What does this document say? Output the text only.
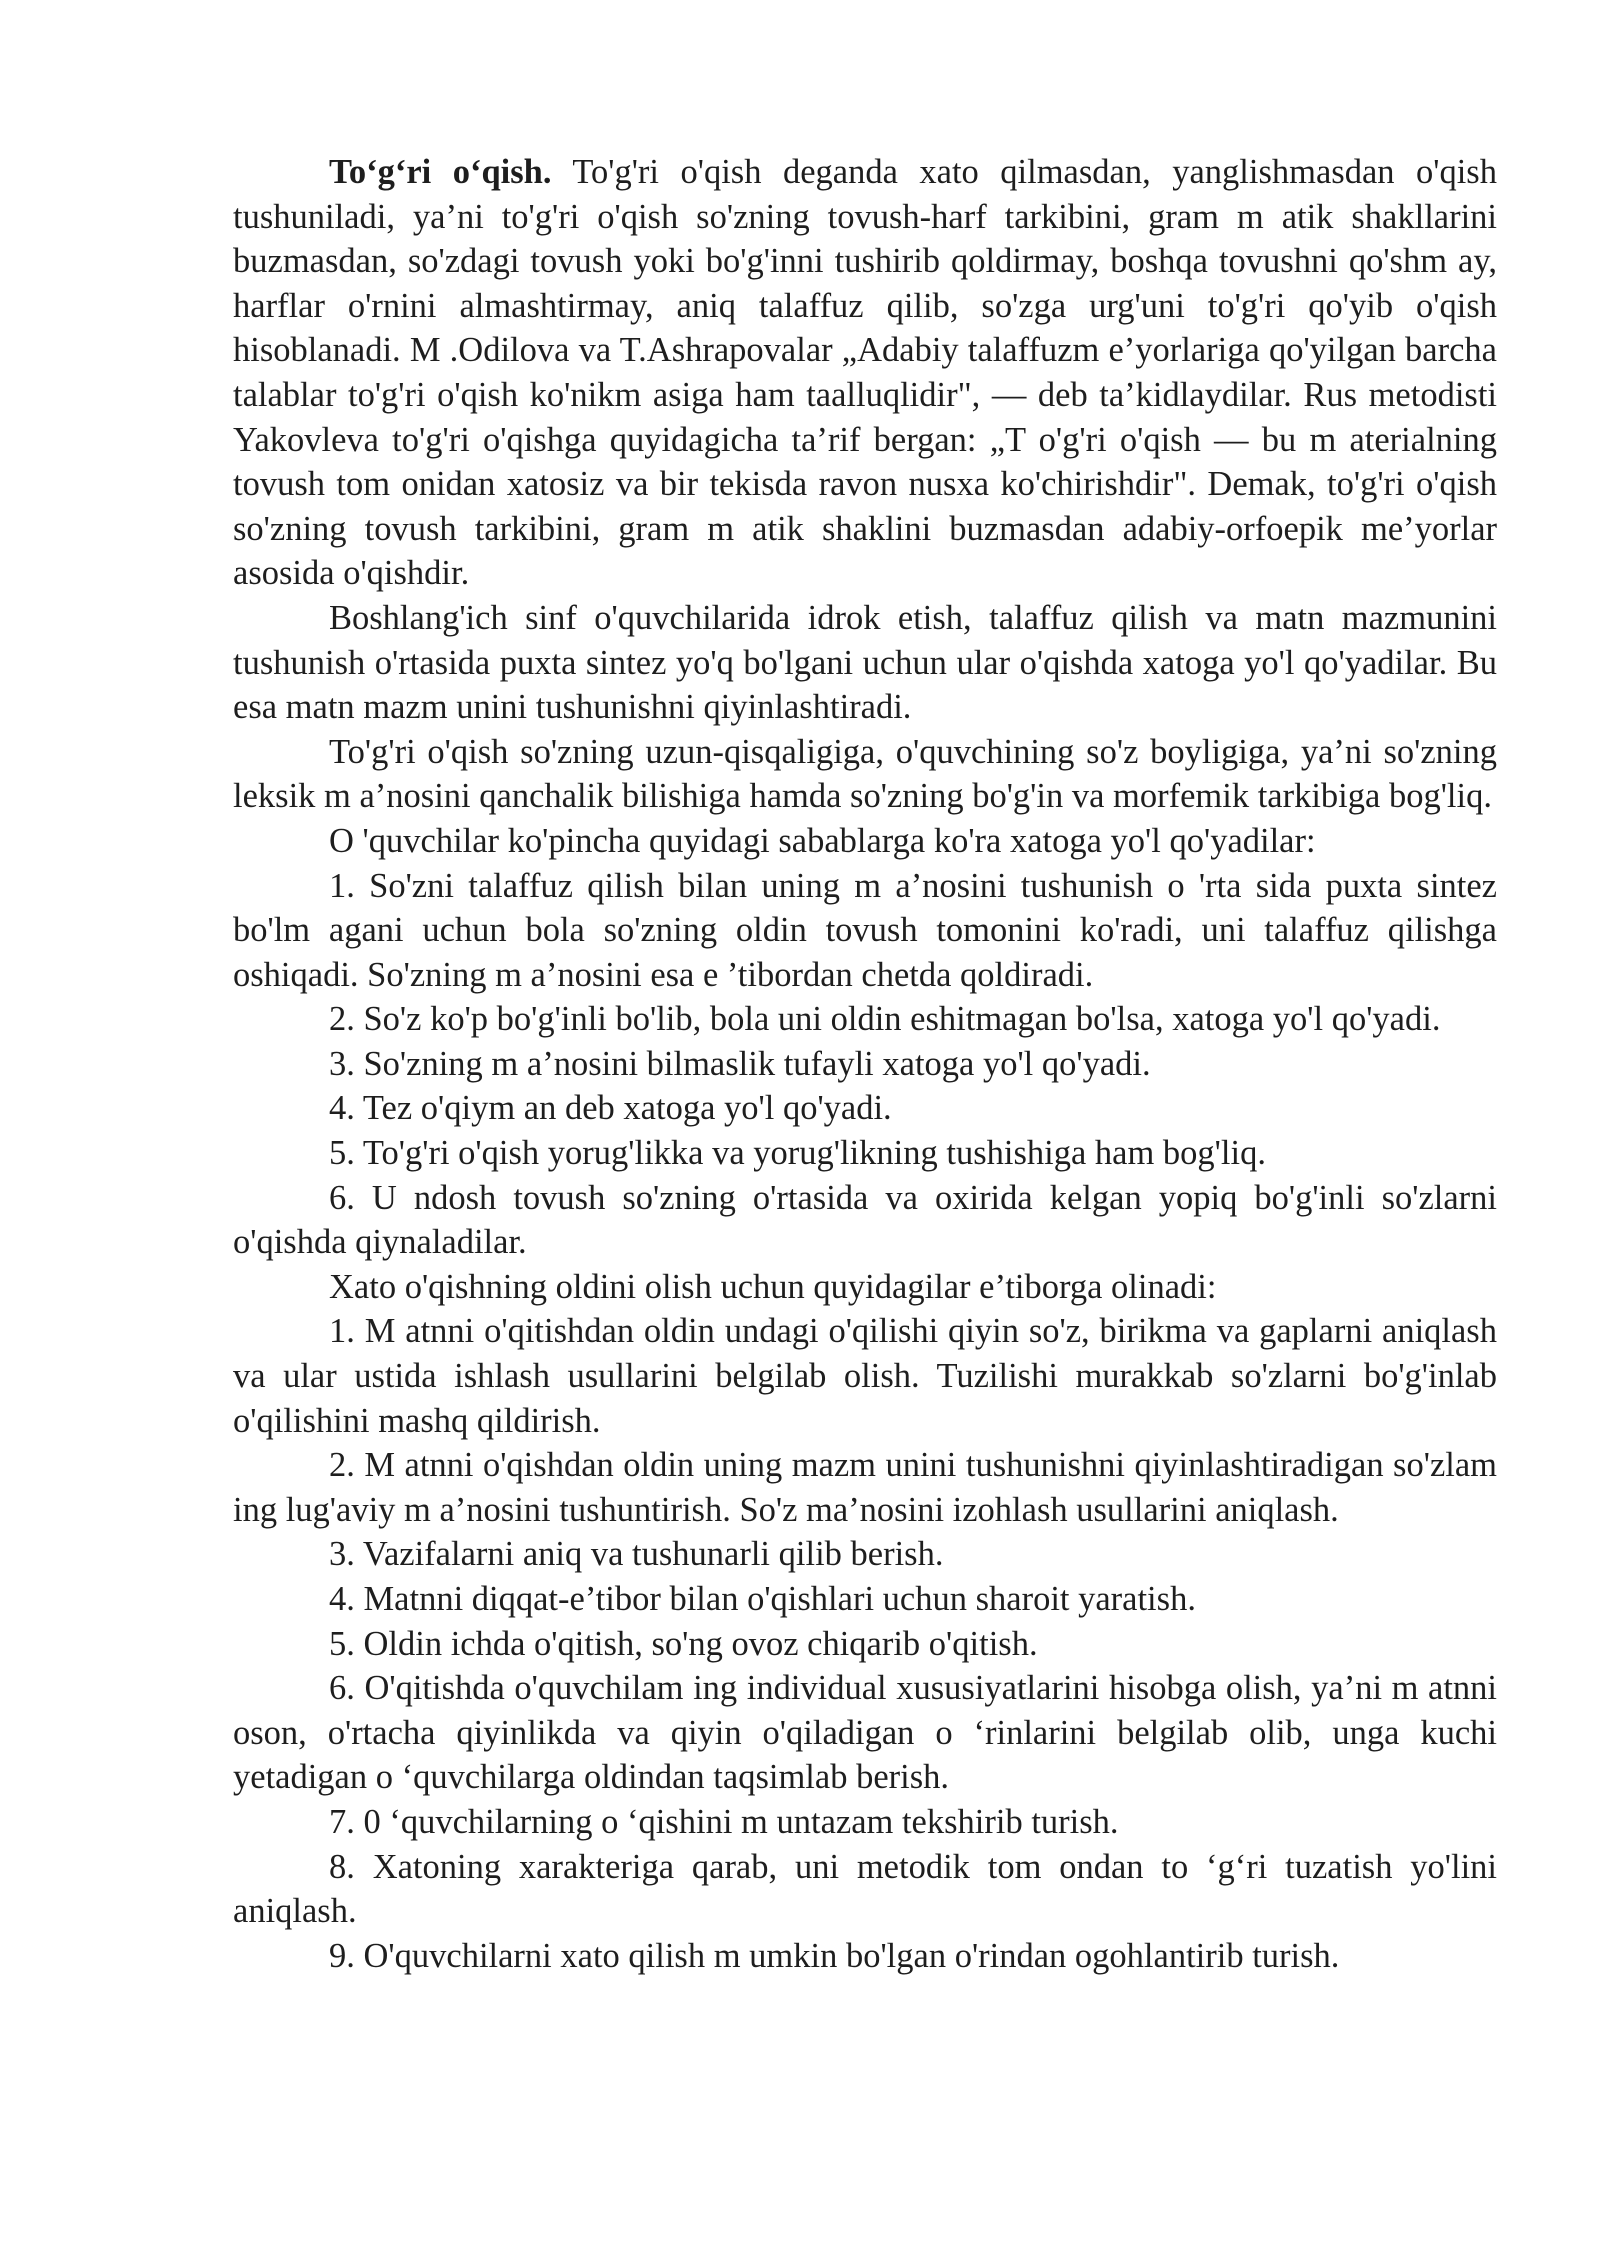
To‘g‘ri o‘qish. To'g'ri o'qish deganda xato qilmasdan, yanglishmasdan o'qish tushuniladi, ya’ni to'g'ri o'qish so'zning tovush-harf tarkibini, gram m atik shakllarini buzmasdan, so'zdagi tovush yoki bo'g'inni tushirib qoldirmay, boshqa tovushni qo'shm ay, harflar o'rnini almashtirmay, aniq talaffuz qilib, so'zga urg'uni to'g'ri qo'yib o'qish hisoblanadi. M .Odilova va T.Ashrapovalar „Adabiy talaffuzm e’yorlariga qo'yilgan barcha talablar to'g'ri o'qish ko'nikm asiga ham taalluqlidir", — deb ta’kidlaydilar. Rus metodisti Yakovleva to'g'ri o'qishga quyidagicha ta’rif bergan: „T o'g'ri o'qish — bu m aterialning tovush tom onidan xatosiz va bir tekisda ravon nusxa ko'chirishdir". Demak, to'g'ri o'qish so'zning tovush tarkibini, gram m atik shaklini buzmasdan adabiy-orfoepik me’yorlar asosida o'qishdir.

Boshlang'ich sinf o'quvchilarida idrok etish, talaffuz qilish va matn mazmunini tushunish o'rtasida puxta sintez yo'q bo'lgani uchun ular o'qishda xatoga yo'l qo'yadilar. Bu esa matn mazm unini tushunishni qiyinlashtiradi.

To'g'ri o'qish so'zning uzun-qisqaligiga, o'quvchining so'z boyligiga, ya’ni so'zning leksik m a’nosini qanchalik bilishiga hamda so'zning bo'g'in va morfemik tarkibiga bog'liq.

O 'quvchilar ko'pincha quyidagi sabablarga ko'ra xatoga yo'l qo'yadilar:

1. So'zni talaffuz qilish bilan uning m a’nosini tushunish o 'rta sida puxta sintez bo'lm agani uchun bola so'zning oldin tovush tomonini ko'radi, uni talaffuz qilishga oshiqadi. So'zning m a’nosini esa e ’tibordan chetda qoldiradi.

2. So'z ko'p bo'g'inli bo'lib, bola uni oldin eshitmagan bo'lsa, xatoga yo'l qo'yadi.

3. So'zning m a’nosini bilmaslik tufayli xatoga yo'l qo'yadi.

4. Tez o'qiym an deb xatoga yo'l qo'yadi.

5. To'g'ri o'qish yorug'likka va yorug'likning tushishiga ham bog'liq.

6. U ndosh tovush so'zning o'rtasida va oxirida kelgan yopiq bo'g'inli so'zlarni o'qishda qiynaladilar.

Xato o'qishning oldini olish uchun quyidagilar e’tiborga olinadi:

1. M atnni o'qitishdan oldin undagi o'qilishi qiyin so'z, birikma va gaplarni aniqlash va ular ustida ishlash usullarini belgilab olish. Tuzilishi murakkab so'zlarni bo'g'inlab o'qilishini mashq qildirish.

2. M atnni o'qishdan oldin uning mazm unini tushunishni qiyinlashtiradigan so'zlam ing lug'aviy m a’nosini tushuntirish. So'z ma’nosini izohlash usullarini aniqlash.

3. Vazifalarni aniq va tushunarli qilib berish.

4. Matnni diqqat-e’tibor bilan o'qishlari uchun sharoit yaratish.

5. Oldin ichda o'qitish, so'ng ovoz chiqarib o'qitish.

6. O'qitishda o'quvchilam ing individual xususiyatlarini hisobga olish, ya’ni m atnni oson, o'rtacha qiyinlikda va qiyin o'qiladigan o ‘rinlarini belgilab olib, unga kuchi yetadigan o ‘quvchilarga oldindan taqsimlab berish.

7. 0 ‘quvchilarning o ‘qishini m untazam tekshirib turish.

8. Xatoning xarakteriga qarab, uni metodik tom ondan to ‘g‘ri tuzatish yo'lini aniqlash.

9. O'quvchilarni xato qilish m umkin bo'lgan o'rindan ogohlantirib turish.
